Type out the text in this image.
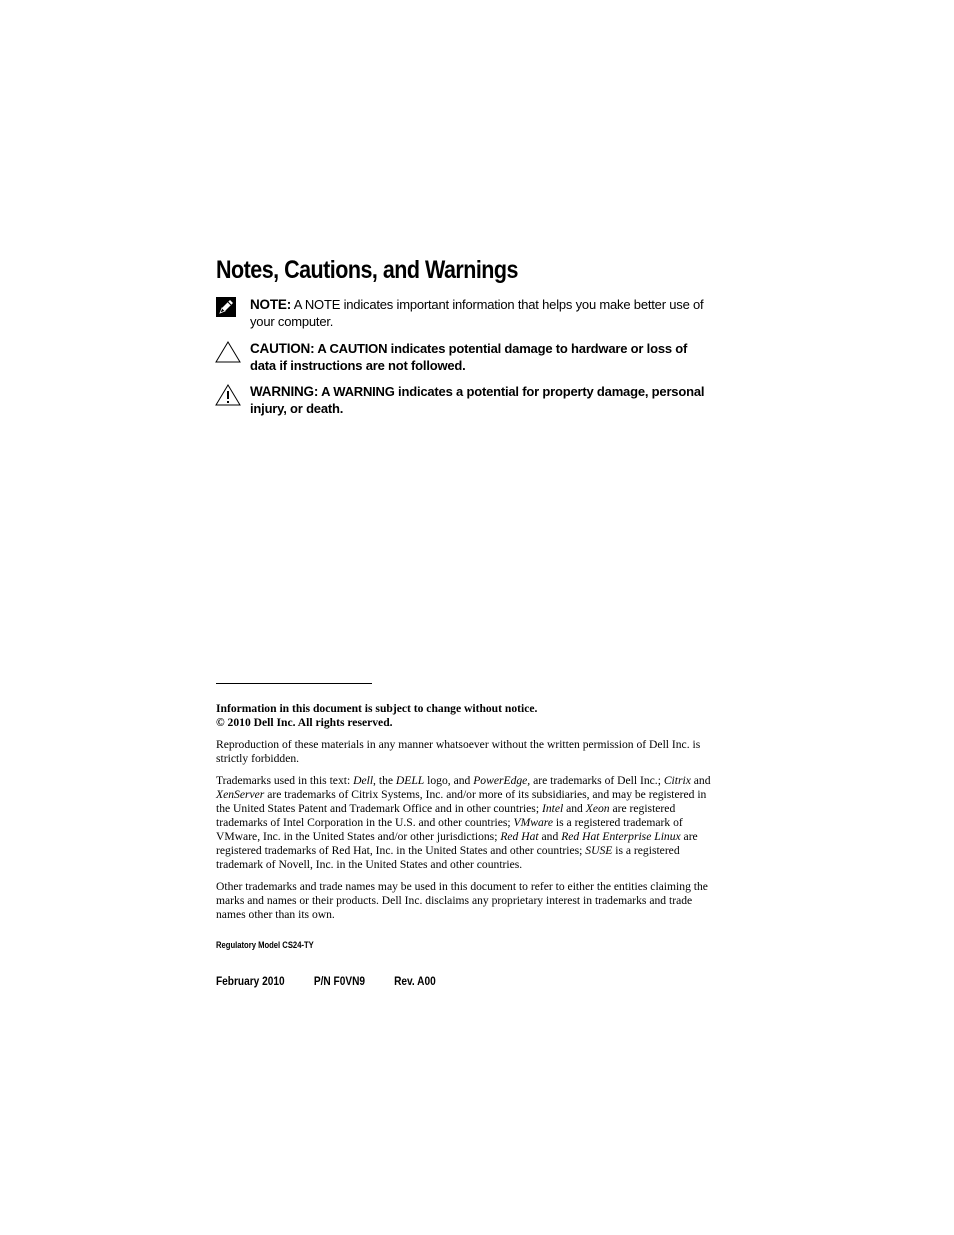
Notes, Cautions, and Warnings
NOTE: A NOTE indicates important information that helps you make better use of your computer.
CAUTION: A CAUTION indicates potential damage to hardware or loss of data if instructions are not followed.
WARNING: A WARNING indicates a potential for property damage, personal injury, or death.
Information in this document is subject to change without notice.
© 2010 Dell Inc. All rights reserved.

Reproduction of these materials in any manner whatsoever without the written permission of Dell Inc. is strictly forbidden.

Trademarks used in this text: Dell, the DELL logo, and PowerEdge, are trademarks of Dell Inc.; Citrix and XenServer are trademarks of Citrix Systems, Inc. and/or more of its subsidiaries, and may be registered in the United States Patent and Trademark Office and in other countries; Intel and Xeon are registered trademarks of Intel Corporation in the U.S. and other countries; VMware is a registered trademark of VMware, Inc. in the United States and/or other jurisdictions; Red Hat and Red Hat Enterprise Linux are registered trademarks of Red Hat, Inc. in the United States and other countries; SUSE is a registered trademark of Novell, Inc. in the United States and other countries.

Other trademarks and trade names may be used in this document to refer to either the entities claiming the marks and names or their products. Dell Inc. disclaims any proprietary interest in trademarks and trade names other than its own.

Regulatory Model CS24-TY
February 2010	P/N F0VN9	Rev. A00
